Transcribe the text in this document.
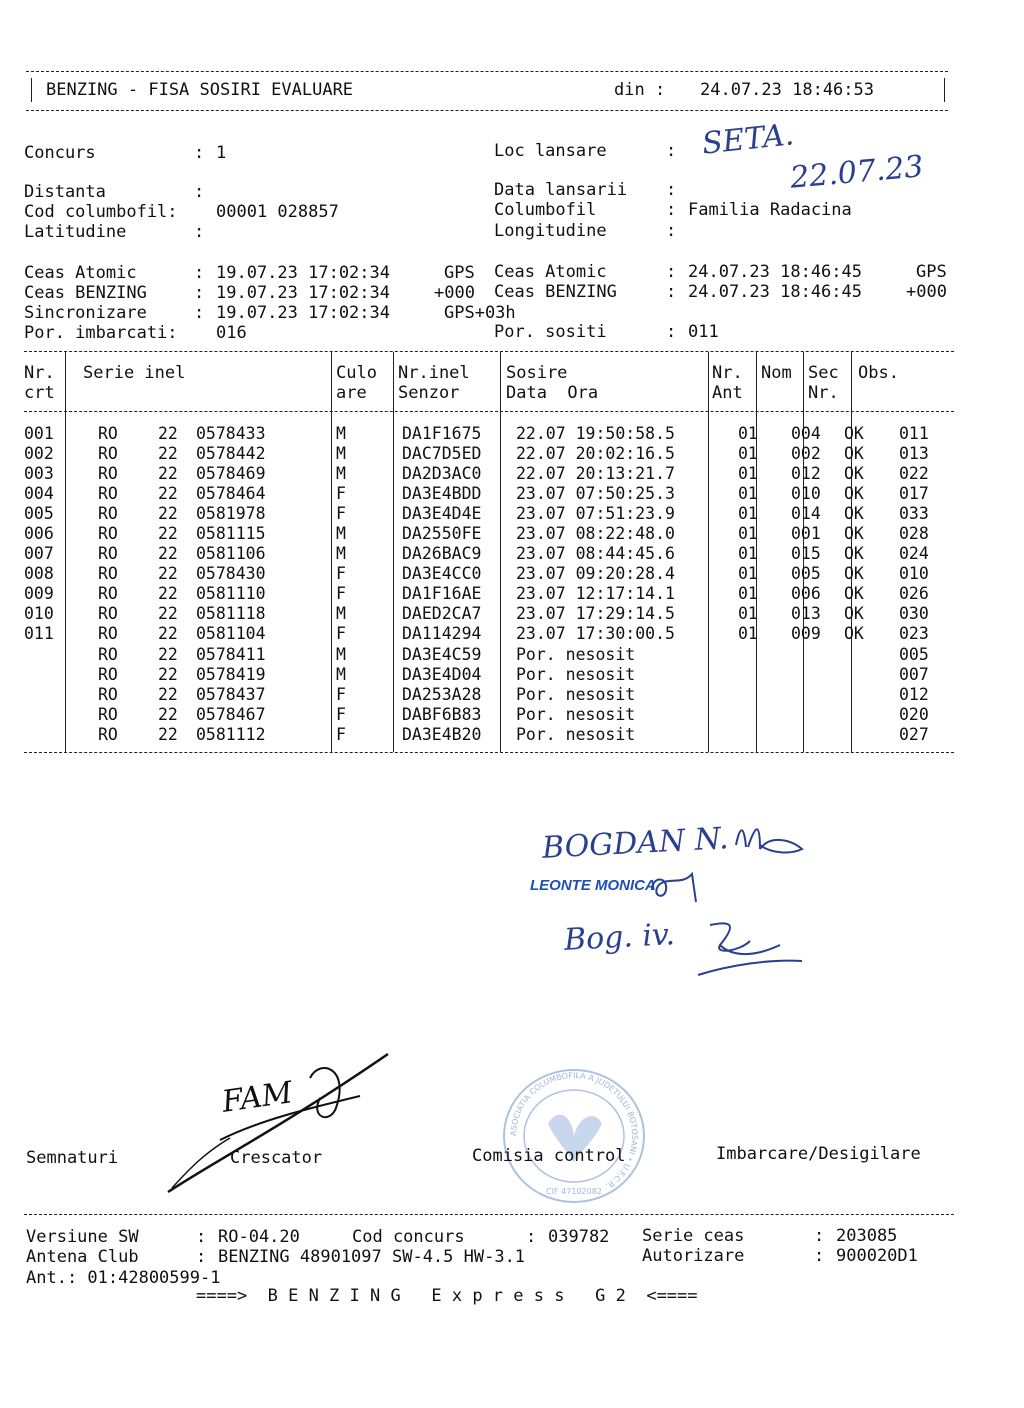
BENZING - FISA SOSIRI EVALUARE	din : 24.07.23 18:46:53
Concurs	: 1
Distanta	:
Cod columbofil: 00001 028857
Latitudine	:
Loc lansare	: SETA.
Data lansarii :	22.07.23
Columbofil	: Familia Radacina
Longitudine	:
Ceas Atomic	: 19.07.23 17:02:34	GPS
Ceas BENZING	: 19.07.23 17:02:34	+000
Sincronizare	: 19.07.23 17:02:34	GPS+03h
Ceas Atomic	: 24.07.23 18:46:45	GPS
Ceas BENZING	: 24.07.23 18:46:45	+000
Por. imbarcati: 016	Por. sositi	: 011
Nr.
crt
Serie inel	Culo
are
Nr.inel
Senzor
Sosire
Data  Ora
Nr.
Ant
Nom Sec
Nr.
Obs.
001	RO	22	0578433	M		DA1F1675	22.07 19:50:58.5	01	004	OK	011
002	RO	22	0578442	M		DAC7D5ED	22.07 20:02:16.5	01	002	OK	013
003	RO	22	0578469	M		DA2D3AC0	22.07 20:13:21.7	01	012	OK	022
004	RO	22	0578464	F		DA3E4BDD	23.07 07:50:25.3	01	010	OK	017
005	RO	22	0581978	F		DA3E4D4E	23.07 07:51:23.9	01	014	OK	033
006	RO	22	0581115	M		DA2550FE	23.07 08:22:48.0	01	001	OK	028
007	RO	22	0581106	M		DA26BAC9	23.07 08:44:45.6	01	015	OK	024
008	RO	22	0578430	F		DA3E4CC0	23.07 09:20:28.4	01	005	OK	010
009	RO	22	0581110	F		DA1F16AE	23.07 12:17:14.1	01	006	OK	026
010	RO	22	0581118	M		DAED2CA7	23.07 17:29:14.5	01	013	OK	030
011	RO	22	0581104	F		DA114294	23.07 17:30:00.5	01	009	OK	023
	RO	22	0578411	M		DA3E4C59	Por. nesosit				005
	RO	22	0578419	M		DA3E4D04	Por. nesosit				007
	RO	22	0578437	F		DA253A28	Por. nesosit				012
	RO	22	0578467	F		DABF6B83	Por. nesosit				020
	RO	22	0581112	F		DA3E4B20	Por. nesosit				027
BOGDAN N.
LEONTE MONICA
Bog. iv.
ASOCIATIA COLUMBOFILA A JUDETULUI BOTOSANI • U.F.C.R.
CIF 47102082
Semnaturi	Crescator	Comisia control	Imbarcare/Desigilare
FAM
Versiune SW	: RO-04.20	Cod concurs	: 039782 Serie ceas	: 203085
Antena Club	: BENZING 48901097 SW-4.5 HW-3.1	Autorizare	: 900020D1
Ant.: 01:42800599-1
====>  B E N Z I N G   E x p r e s s   G 2  <====
